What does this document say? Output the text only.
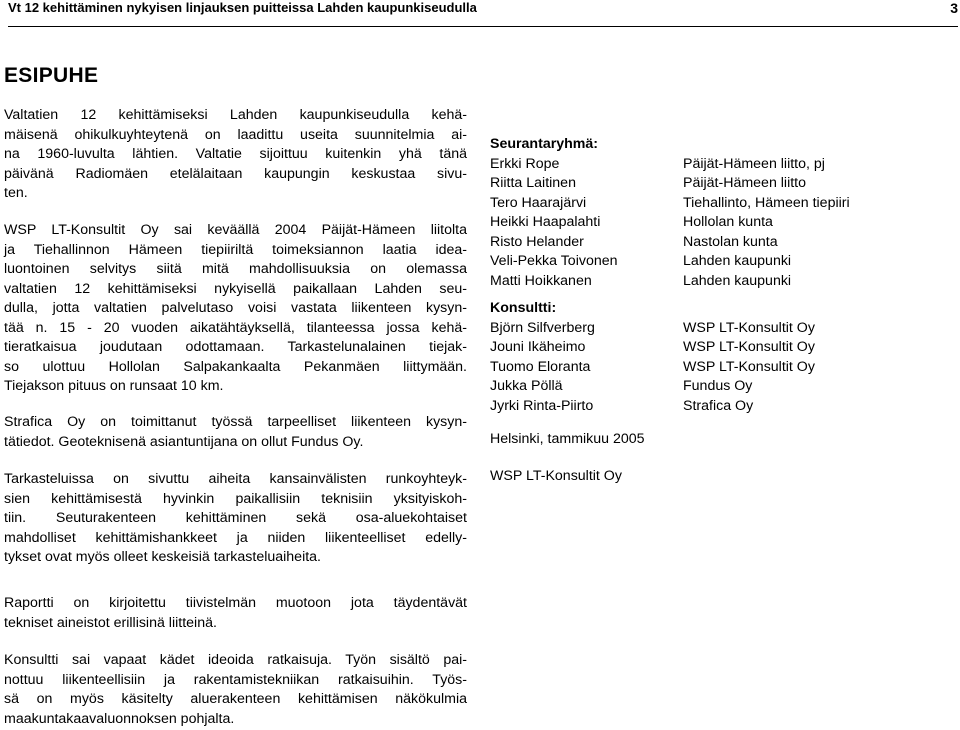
Vt 12 kehittäminen nykyisen linjauksen puitteissa Lahden kaupunkiseudulla	3
ESIPUHE

Valtatien 12 kehittämiseksi Lahden kaupunkiseudulla kehä-
mäisenä ohikulkuyhteytenä on laadittu useita suunnitelmia ai-
na 1960-luvulta lähtien. Valtatie sijoittuu kuitenkin yhä tänä
päivänä Radiomäen etelälaitaan kaupungin keskustaa sivu-
ten.

WSP LT-Konsultit Oy sai keväällä 2004 Päijät-Hämeen liitolta
ja Tiehallinnon Hämeen tiepiiriltä toimeksiannon laatia idea-
luontoinen selvitys siitä mitä mahdollisuuksia on olemassa
valtatien 12 kehittämiseksi nykyisellä paikallaan Lahden seu-
dulla, jotta valtatien palvelutaso voisi vastata liikenteen kysyn-
tää n. 15 - 20 vuoden aikatähtäyksellä, tilanteessa jossa kehä-
tieratkaisua joudutaan odottamaan. Tarkastelunalainen tiejak-
so ulottuu Hollolan Salpakankaalta Pekanmäen liittymään.
Tiejakson pituus on runsaat 10 km.

Strafica Oy on toimittanut työssä tarpeelliset liikenteen kysyn-
tätiedot. Geoteknisenä asiantuntijana on ollut Fundus Oy.

Tarkasteluissa on sivuttu aiheita kansainvälisten runkoyhteyk-
sien kehittämisestä hyvinkin paikallisiin teknisiin yksityiskoh-
tiin. Seuturakenteen kehittäminen sekä osa-aluekohtaiset
mahdolliset kehittämishankkeet ja niiden liikenteelliset edelly-
tykset ovat myös olleet keskeisiä tarkasteluaiheita.

Raportti on kirjoitettu tiivistelmän muotoon jota täydentävät
tekniset aineistot erillisinä liitteinä.

Konsultti sai vapaat kädet ideoida ratkaisuja. Työn sisältö pai-
nottuu liikenteellisiin ja rakentamistekniikan ratkaisuihin. Työs-
sä on myös käsitelty aluerakenteen kehittämisen näkökulmia
maakuntakaavaluonnoksen pohjalta.

Seurantaryhmä:
Erkki Rope	Päijät-Hämeen liitto, pj
Riitta Laitinen	Päijät-Hämeen liitto
Tero Haarajärvi	Tiehallinto, Hämeen tiepiiri
Heikki Haapalahti	Hollolan kunta
Risto Helander	Nastolan kunta
Veli-Pekka Toivonen	Lahden kaupunki
Matti Hoikkanen	Lahden kaupunki
Konsultti:
Björn Silfverberg	WSP LT-Konsultit Oy
Jouni Ikäheimo	WSP LT-Konsultit Oy
Tuomo Eloranta	WSP LT-Konsultit Oy
Jukka Pöllä	Fundus Oy
Jyrki Rinta-Piirto	Strafica Oy
Helsinki, tammikuu 2005
WSP LT-Konsultit Oy
